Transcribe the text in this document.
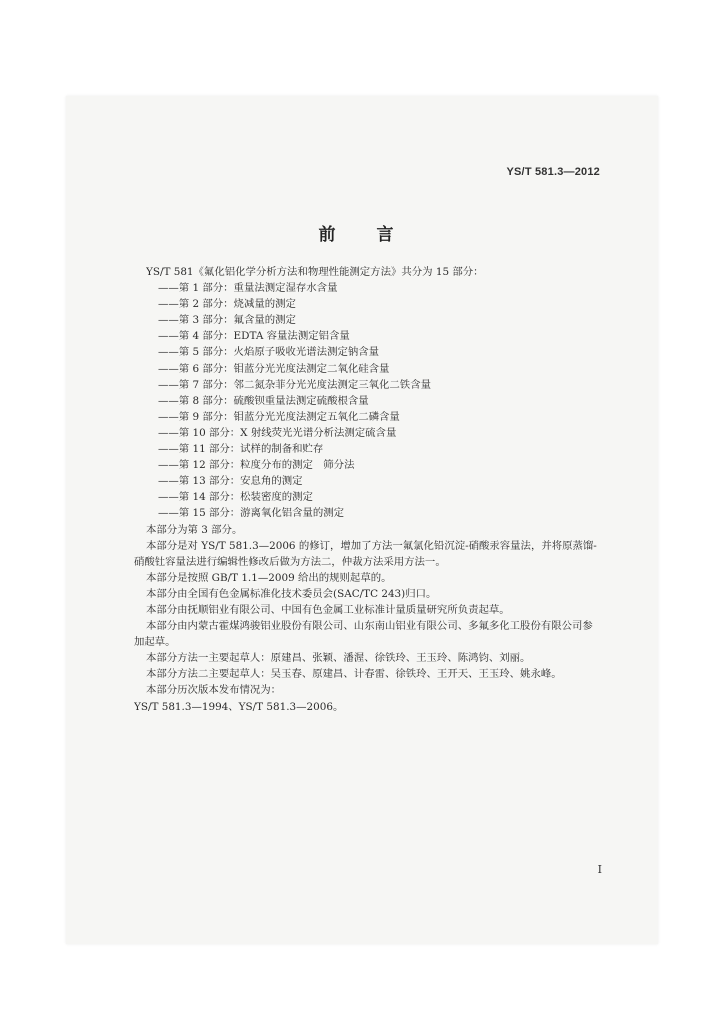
YS/T 581.3—2012
前　言
YS/T 581《氟化铝化学分析方法和物理性能测定方法》共分为 15 部分：
——第 1 部分：重量法测定湿存水含量
——第 2 部分：烧减量的测定
——第 3 部分：氟含量的测定
——第 4 部分：EDTA 容量法测定铝含量
——第 5 部分：火焰原子吸收光谱法测定钠含量
——第 6 部分：钼蓝分光光度法测定二氧化硅含量
——第 7 部分：邻二氮杂菲分光光度法测定三氧化二铁含量
——第 8 部分：硫酸钡重量法测定硫酸根含量
——第 9 部分：钼蓝分光光度法测定五氧化二磷含量
——第 10 部分：X 射线荧光光谱分析法测定硫含量
——第 11 部分：试样的制备和贮存
——第 12 部分：粒度分布的测定　筛分法
——第 13 部分：安息角的测定
——第 14 部分：松装密度的测定
——第 15 部分：游离氧化铝含量的测定
本部分为第 3 部分。
本部分是对 YS/T 581.3—2006 的修订，增加了方法一氟氯化铅沉淀-硝酸汞容量法，并将原蒸馏-
硝酸钍容量法进行编辑性修改后做为方法二，仲裁方法采用方法一。
本部分是按照 GB/T 1.1—2009 给出的规则起草的。
本部分由全国有色金属标准化技术委员会(SAC/TC 243)归口。
本部分由抚顺铝业有限公司、中国有色金属工业标准计量质量研究所负责起草。
本部分由内蒙古霍煤鸿骏铝业股份有限公司、山东南山铝业有限公司、多氟多化工股份有限公司参
加起草。
本部分方法一主要起草人：原建昌、张颖、潘渥、徐铁玲、王玉玲、陈鸿钧、刘丽。
本部分方法二主要起草人：吴玉春、原建昌、计春雷、徐铁玲、王开天、王玉玲、姚永峰。
本部分历次版本发布情况为：
YS/T 581.3—1994、YS/T 581.3—2006。
I
